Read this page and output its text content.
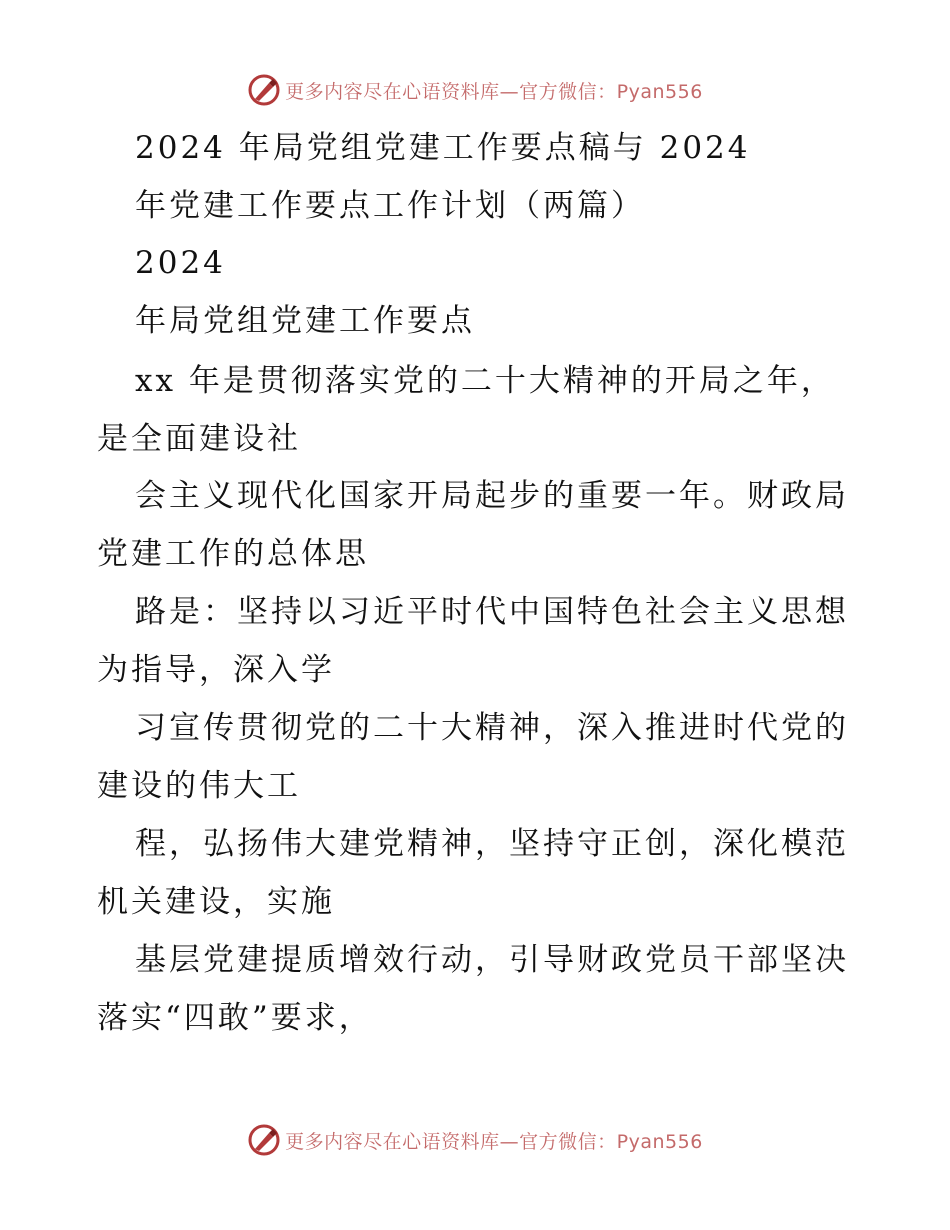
更多内容尽在心语资料库—官方微信：Pyan556
2024 年局党组党建工作要点稿与 2024
年党建工作要点工作计划（两篇）
2024
年局党组党建工作要点
xx 年是贯彻落实党的二十大精神的开局之年，
是全面建设社
会主义现代化国家开局起步的重要一年。财政局
党建工作的总体思
路是：坚持以习近平时代中国特色社会主义思想
为指导，深入学
习宣传贯彻党的二十大精神，深入推进时代党的
建设的伟大工
程，弘扬伟大建党精神，坚持守正创，深化模范
机关建设，实施
基层党建提质增效行动，引导财政党员干部坚决
落实“四敢”要求，
更多内容尽在心语资料库—官方微信：Pyan556
